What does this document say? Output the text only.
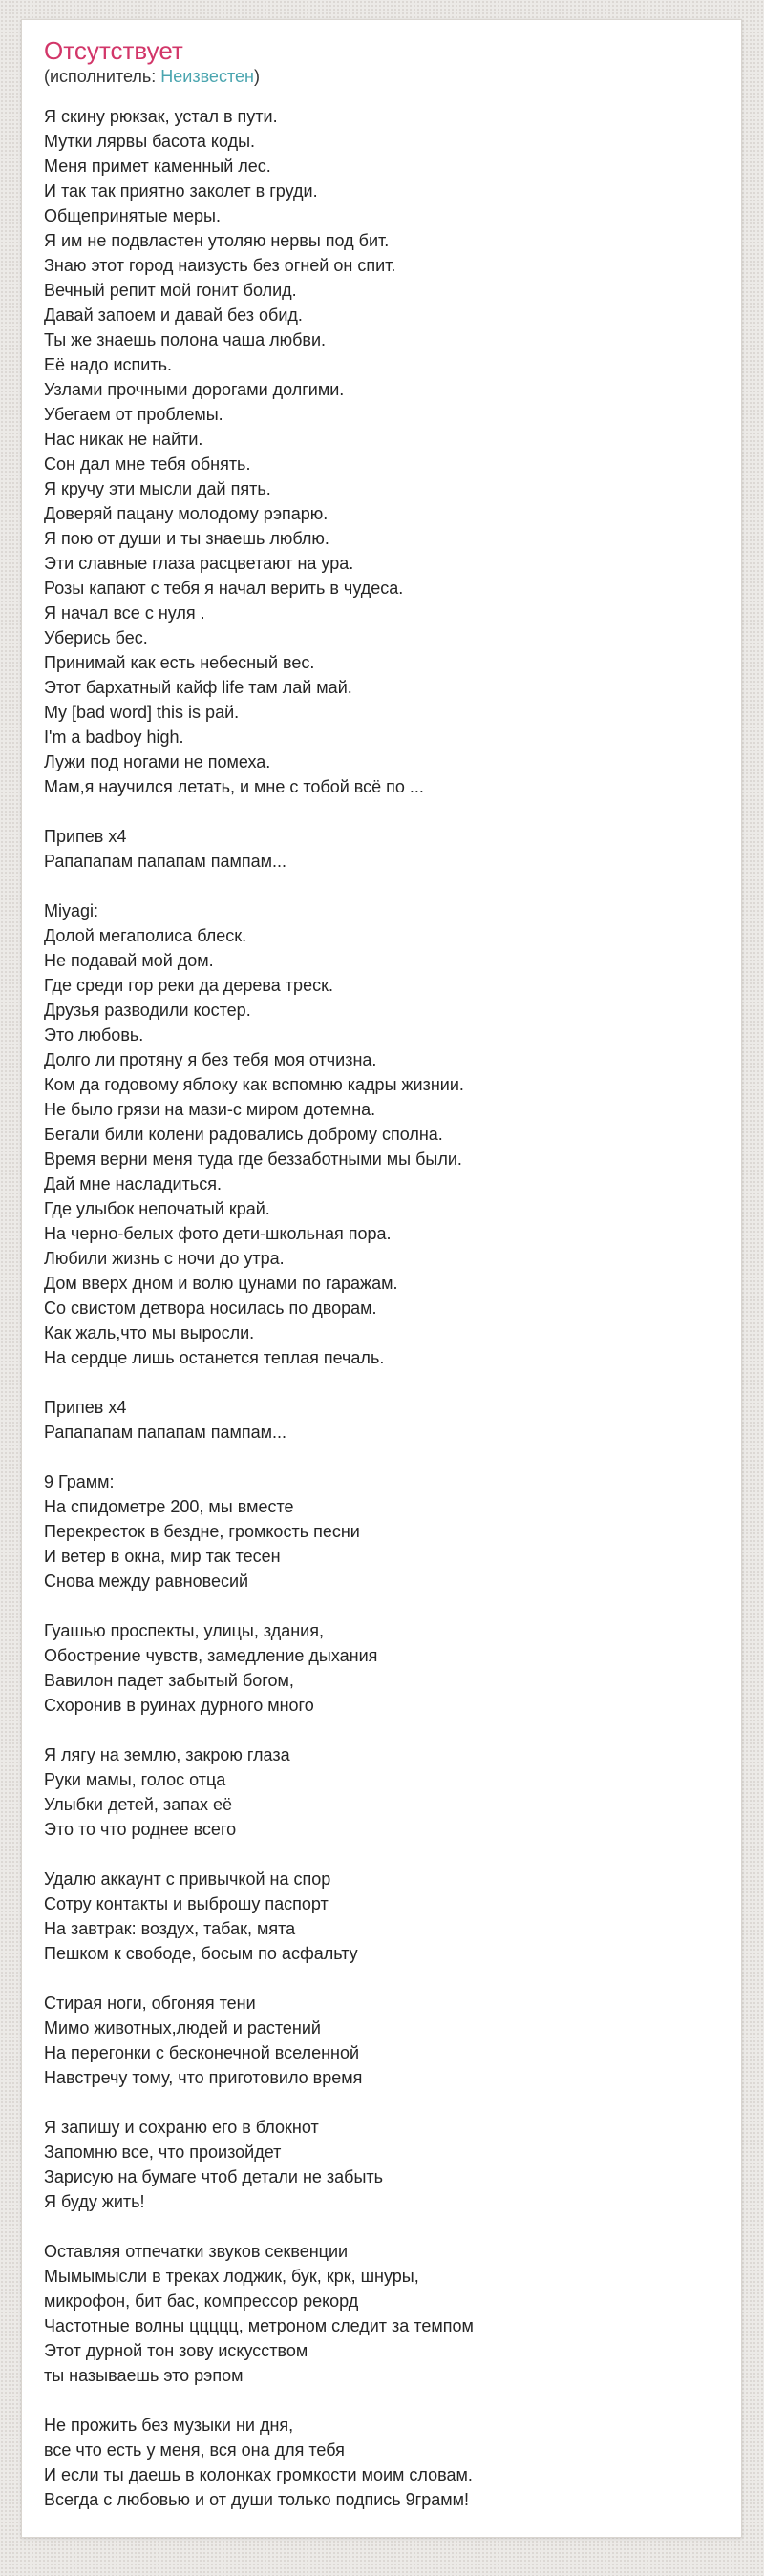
Отсутствует
(исполнитель: Неизвестен)
Я скину рюкзак, устал в пути.
Мутки лярвы басота коды.
Меня примет каменный лес.
И так так приятно заколет в груди.
Общепринятые меры.
Я им не подвластен утоляю нервы под бит.
Знаю этот город наизусть без огней он спит.
Вечный репит мой гонит болид.
Давай запоем и давай без обид.
Ты же знаешь полона чаша любви.
Её надо испить.
Узлами прочными дорогами долгими.
Убегаем от проблемы.
Нас никак не найти.
Сон дал мне тебя обнять.
Я кручу эти мысли дай пять.
Доверяй пацану молодому рэпарю.
Я пою от души и ты знаешь люблю.
Эти славные глаза расцветают на ура.
Розы капают с тебя я начал верить в чудеса.
Я начал все с нуля .
Уберись бес.
Принимай как есть небесный вес.
Этот бархатный кайф life там лай май.
My [bad word] this is рай.
I'm a badboy high.
Лужи под ногами не помеха.
Мам,я научился летать, и мне с тобой всё по ...

Припев х4
Рапапапам папапам пампам...

Miyagi:
Долой мегаполиса блеск.
Не подавай мой дом.
Где среди гор реки да дерева треск.
Друзья разводили костер.
Это любовь.
Долго ли протяну я без тебя моя отчизна.
Ком да годовому яблоку как вспомню кадры жизнии.
Не было грязи на мази-с миром дотемна.
Бегали били колени радовались доброму сполна.
Время верни меня туда где беззаботными мы были.
Дай мне насладиться.
Где улыбок непочатый край.
На черно-белых фото дети-школьная пора.
Любили жизнь с ночи до утра.
Дом вверх дном и волю цунами по гаражам.
Со свистом детвора носилась по дворам.
Как жаль,что мы выросли.
На сердце лишь останется теплая печаль.

Припев х4
Рапапапам папапам пампам...

9 Грамм:
На спидометре 200, мы вместе
Перекресток в бездне, громкость песни
И ветер в окна, мир так тесен
Снова между равновесий

Гуашью проспекты, улицы, здания,
Обострение чувств, замедление дыхания
Вавилон падет забытый богом,
Схоронив в руинах дурного много

Я лягу на землю, закрою глаза
Руки мамы, голос отца
Улыбки детей, запах её
Это то что роднее всего

Удалю аккаунт с привычкой на спор
Сотру контакты и выброшу паспорт
На завтрак: воздух, табак, мята
Пешком к свободе, босым по асфальту

Стирая ноги, обгоняя тени
Мимо животных,людей и растений
На перегонки с бесконечной вселенной
Навстречу тому, что приготовило время

Я запишу и сохраню его в блокнот
Запомню все, что произойдет
Зарисую на бумаге чтоб детали не забыть
Я буду жить!

Оставляя отпечатки звуков секвенции
Мымымысли в треках лоджик, бук, крк, шнуры,
микрофон, бит бас, компрессор рекорд
Частотные волны ццццц, метроном следит за темпом
Этот дурной тон зову искусством
ты называешь это рэпом

Не прожить без музыки ни дня,
все что есть у меня, вся она для тебя
И если ты даешь в колонках громкости моим словам.
Всегда с любовью и от души только подпись 9грамм!
